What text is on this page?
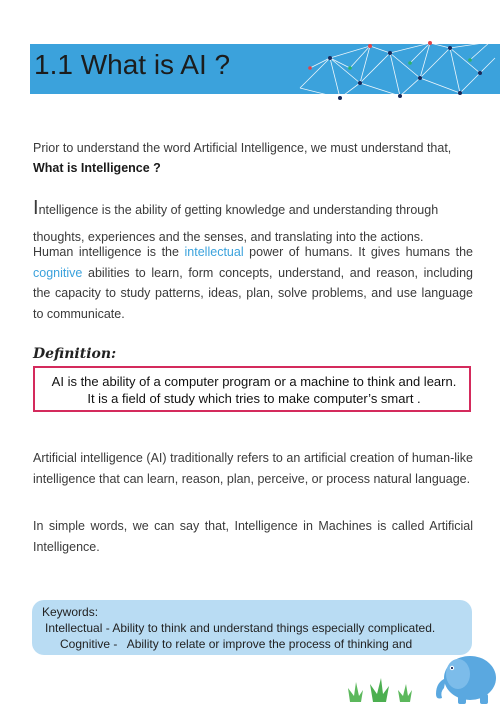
1.1 What is AI ?

Prior to understand the word Artificial Intelligence, we must understand that,

What is Intelligence ?

Intelligence is the ability of getting knowledge and understanding through

thoughts, experiences and the senses, and translating into the actions.

Human intelligence is the intellectual power of humans. It gives humans the cognitive abilities to learn, form concepts, understand, and reason, including the capacity to study patterns, ideas, plan, solve problems, and use language to communicate.

Definition:
AI is the ability of a computer program or a machine to think and learn.
It is a field of study which tries to make computer’s smart .

Artificial intelligence (AI) traditionally refers to an artificial creation of human-like intelligence that can learn, reason, plan, perceive, or process natural language.

In simple words, we can say that, Intelligence in Machines is called Artificial Intelligence.

Keywords:
Intellectual - Ability to think and understand things especially complicated.
Cognitive -   Ability to relate or improve the process of thinking and
